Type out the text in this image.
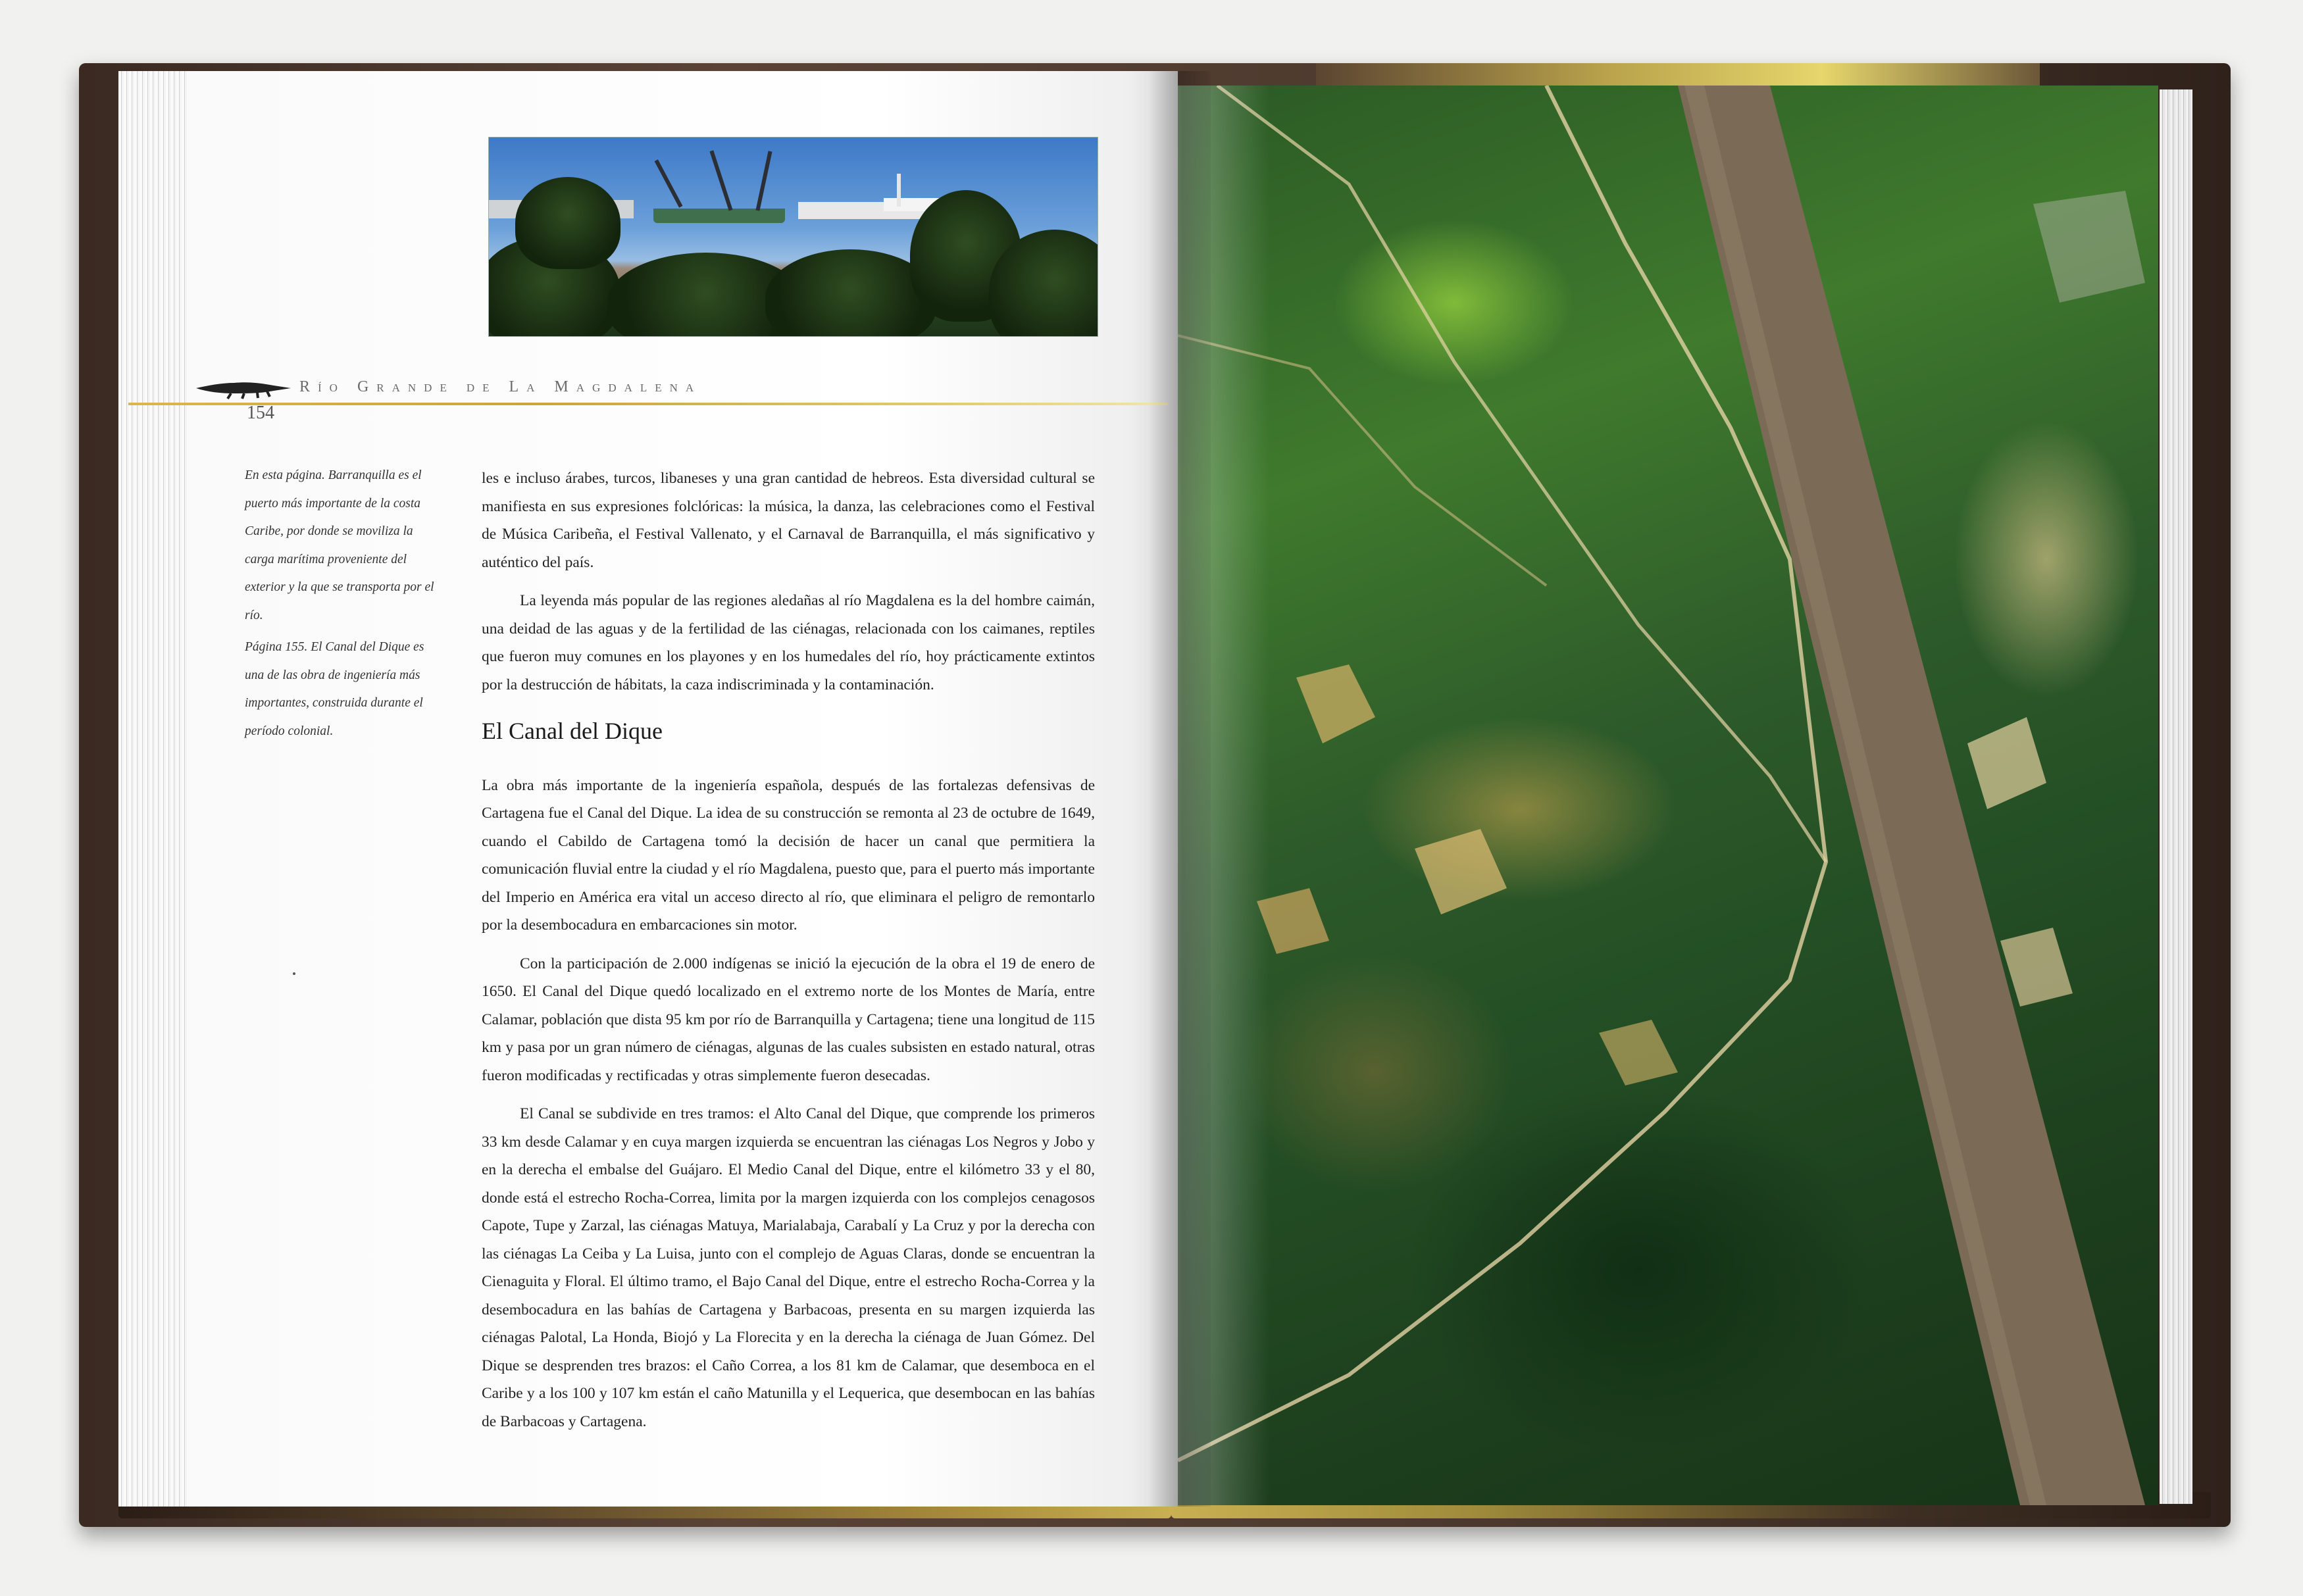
Río Grande de La Magdalena
154

En esta página. Barranquilla es el puerto más importante de la costa Caribe, por donde se moviliza la carga marítima proveniente del exterior y la que se transporta por el río.

Página 155. El Canal del Dique es una de las obra de ingeniería más importantes, construida durante el período colonial.

les e incluso árabes, turcos, libaneses y una gran cantidad de hebreos. Esta diversidad cultural se manifiesta en sus expresiones folclóricas: la música, la danza, las celebraciones como el Festival de Música Caribeña, el Festival Vallenato, y el Carnaval de Barranquilla, el más significativo y auténtico del país.

La leyenda más popular de las regiones aledañas al río Magdalena es la del hombre caimán, una deidad de las aguas y de la fertilidad de las ciénagas, relacionada con los caimanes, reptiles que fueron muy comunes en los playones y en los humedales del río, hoy prácticamente extintos por la destrucción de hábitats, la caza indiscriminada y la contaminación.

El Canal del Dique

La obra más importante de la ingeniería española, después de las fortalezas defensivas de Cartagena fue el Canal del Dique. La idea de su construcción se remonta al 23 de octubre de 1649, cuando el Cabildo de Cartagena tomó la decisión de hacer un canal que permitiera la comunicación fluvial entre la ciudad y el río Magdalena, puesto que, para el puerto más importante del Imperio en América era vital un acceso directo al río, que eliminara el peligro de remontarlo por la desembocadura en embarcaciones sin motor.

Con la participación de 2.000 indígenas se inició la ejecución de la obra el 19 de enero de 1650. El Canal del Dique quedó localizado en el extremo norte de los Montes de María, entre Calamar, población que dista 95 km por río de Barranquilla y Cartagena; tiene una longitud de 115 km y pasa por un gran número de ciénagas, algunas de las cuales subsisten en estado natural, otras fueron modificadas y rectificadas y otras simplemente fueron desecadas.

El Canal se subdivide en tres tramos: el Alto Canal del Dique, que comprende los primeros 33 km desde Calamar y en cuya margen izquierda se encuentran las ciénagas Los Negros y Jobo y en la derecha el embalse del Guájaro. El Medio Canal del Dique, entre el kilómetro 33 y el 80, donde está el estrecho Rocha-Correa, limita por la margen izquierda con los complejos cenagosos Capote, Tupe y Zarzal, las ciénagas Matuya, Marialabaja, Carabalí y La Cruz y por la derecha con las ciénagas La Ceiba y La Luisa, junto con el complejo de Aguas Claras, donde se encuentran la Cienaguita y Floral. El último tramo, el Bajo Canal del Dique, entre el estrecho Rocha-Correa y la desembocadura en las bahías de Cartagena y Barbacoas, presenta en su margen izquierda las ciénagas Palotal, La Honda, Biojó y La Florecita y en la derecha la ciénaga de Juan Gómez. Del Dique se desprenden tres brazos: el Caño Correa, a los 81 km de Calamar, que desemboca en el Caribe y a los 100 y 107 km están el caño Matunilla y el Lequerica, que desembocan en las bahías de Barbacoas y Cartagena.
